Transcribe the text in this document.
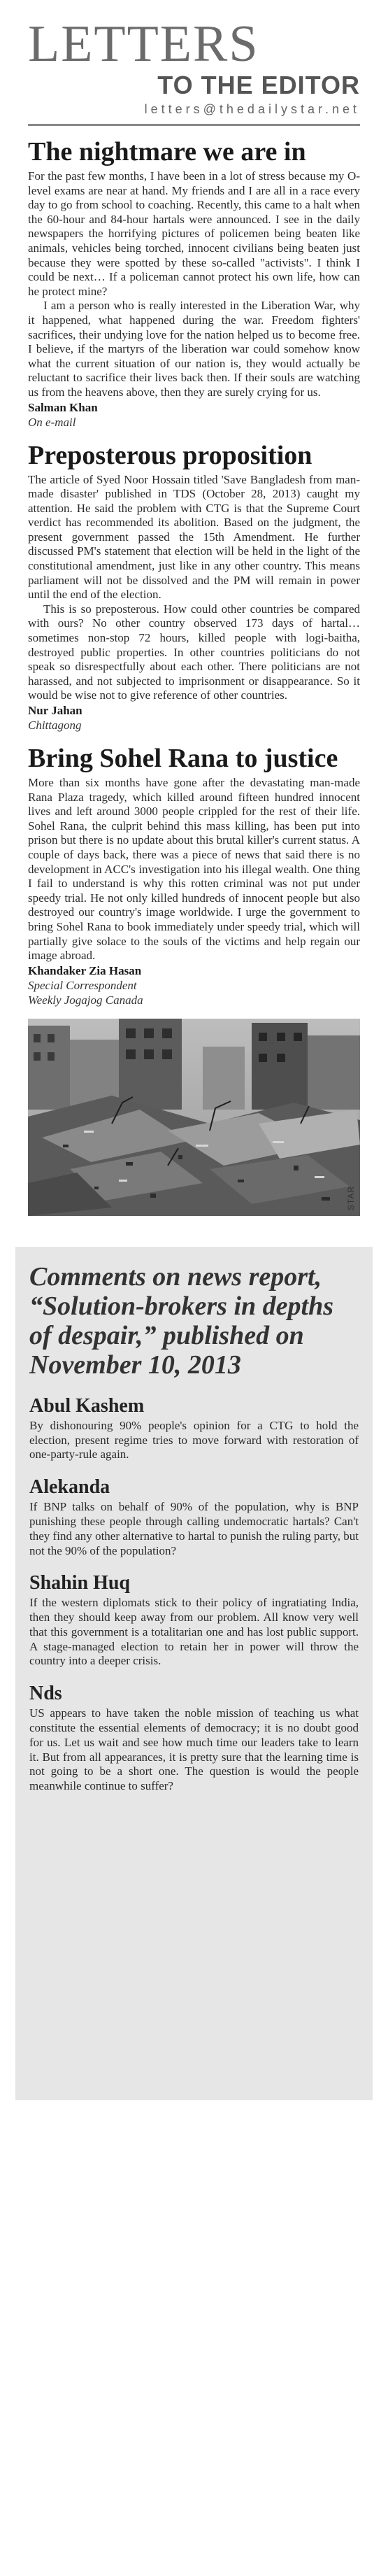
LETTERS
TO THE EDITOR
letters@thedailystar.net
The nightmare we are in

For the past few months, I have been in a lot of stress because my O-level exams are near at hand. My friends and I are all in a race every day to go from school to coaching. Recently, this came to a halt when the 60-hour and 84-hour hartals were announced. I see in the daily newspapers the horrifying pictures of policemen being beaten like animals, vehicles being torched, innocent civilians being beaten just because they were spotted by these so-called "activists". I think I could be next… If a policeman cannot protect his own life, how can he protect mine?

I am a person who is really interested in the Liberation War, why it happened, what happened during the war. Freedom fighters' sacrifices, their undying love for the nation helped us to become free. I believe, if the martyrs of the liberation war could somehow know what the current situation of our nation is, they would actually be reluctant to sacrifice their lives back then. If their souls are watching us from the heavens above, then they are surely crying for us.

Salman Khan
On e-mail
Preposterous proposition

The article of Syed Noor Hossain titled 'Save Bangladesh from man-made disaster' published in TDS (October 28, 2013) caught my attention. He said the problem with CTG is that the Supreme Court verdict has recommended its abolition. Based on the judgment, the present government passed the 15th Amendment. He further discussed PM's statement that election will be held in the light of the constitutional amendment, just like in any other country. This means parliament will not be dissolved and the PM will remain in power until the end of the election.

This is so preposterous. How could other countries be compared with ours? No other country observed 173 days of hartal… sometimes non-stop 72 hours, killed people with logi-baitha, destroyed public properties. In other countries politicians do not speak so disrespectfully about each other. There politicians are not harassed, and not subjected to imprisonment or disappearance. So it would be wise not to give reference of other countries.

Nur Jahan
Chittagong
Bring Sohel Rana to justice

More than six months have gone after the devastating man-made Rana Plaza tragedy, which killed around fifteen hundred innocent lives and left around 3000 people crippled for the rest of their life. Sohel Rana, the culprit behind this mass killing, has been put into prison but there is no update about this brutal killer's current status. A couple of days back, there was a piece of news that said there is no development in ACC's investigation into his illegal wealth. One thing I fail to understand is why this rotten criminal was not put under speedy trial. He not only killed hundreds of innocent people but also destroyed our country's image worldwide. I urge the government to bring Sohel Rana to book immediately under speedy trial, which will partially give solace to the souls of the victims and help regain our image abroad.

Khandaker Zia Hasan
Special Correspondent
Weekly Jogajog Canada
STAR
Comments on news report, “Solution-brokers in depths of despair,” published on November 10, 2013
Abul Kashem

By dishonouring 90% people's opinion for a CTG to hold the election, present regime tries to move forward with restoration of one-party-rule again.

Alekanda

If BNP talks on behalf of 90% of the population, why is BNP punishing these people through calling undemocratic hartals? Can't they find any other alternative to hartal to punish the ruling party, but not the 90% of the population?

Shahin Huq

If the western diplomats stick to their policy of ingratiating India, then they should keep away from our problem. All know very well that this government is a totalitarian one and has lost public support. A stage-managed election to retain her in power will throw the country into a deeper crisis.

Nds

US appears to have taken the noble mission of teaching us what constitute the essential elements of democracy; it is no doubt good for us. Let us wait and see how much time our leaders take to learn it. But from all appearances, it is pretty sure that the learning time is not going to be a short one. The question is would the people meanwhile continue to suffer?
